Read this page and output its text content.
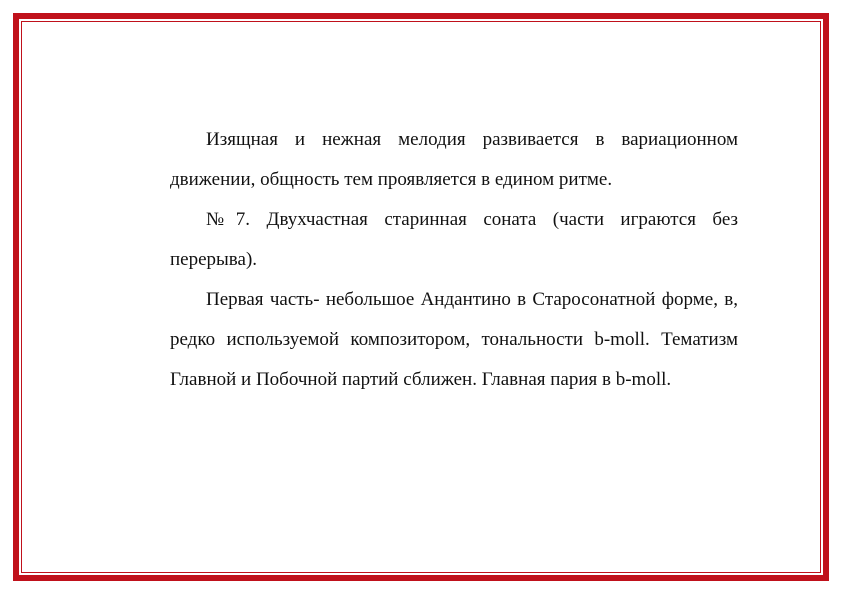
Изящная и нежная мелодия развивается в вариационном движении, общность тем проявляется в едином ритме.

№7. Двухчастная старинная соната (части играются без перерыва).

Первая часть- небольшое Андантино в Старосонатной форме, в, редко используемой композитором, тональности b-moll. Тематизм Главной и Побочной партий сближен. Главная пария в b-moll.
